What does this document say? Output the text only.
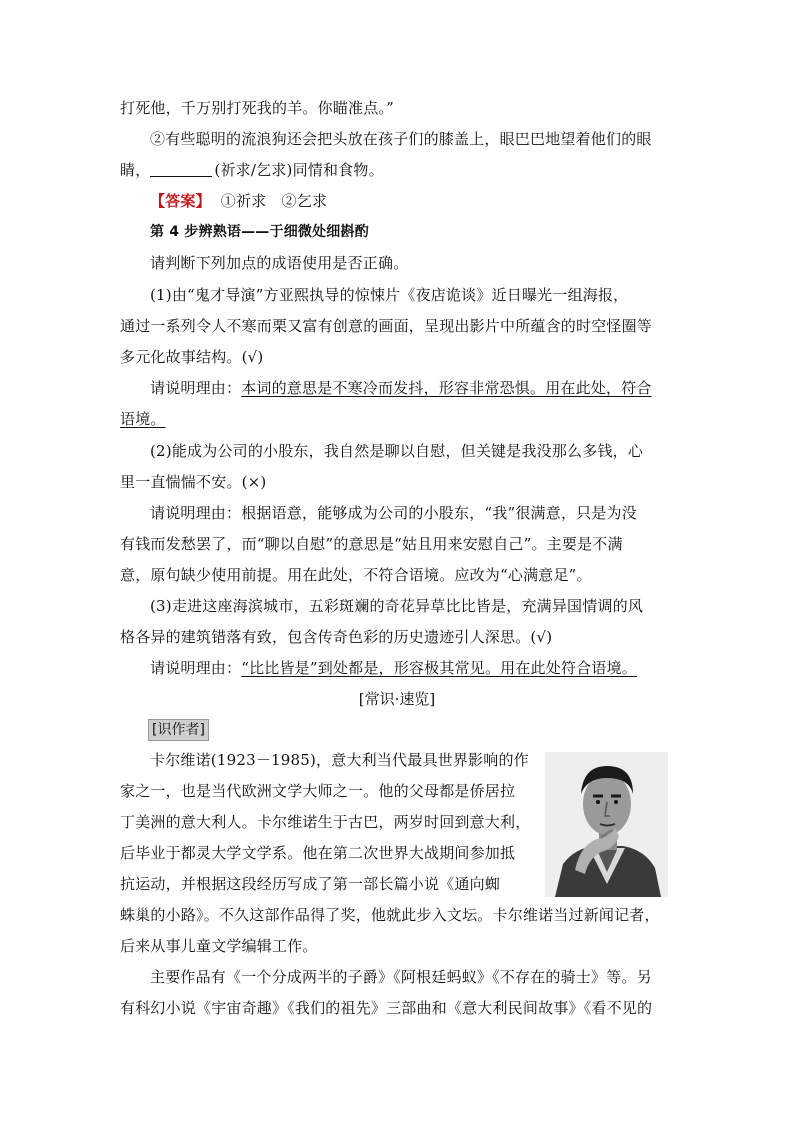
打死他，千万别打死我的羊。你瞄准点。”
②有些聪明的流浪狗还会把头放在孩子们的膝盖上，眼巴巴地望着他们的眼
睛，	(祈求/乞求)同情和食物。
【答案】 ①祈求　②乞求
第 4 步辨熟语——于细微处细斟酌
请判断下列加点的成语使用是否正确。
(1)由“鬼才导演”方亚熙执导的惊悚片《夜店诡谈》近日曝光一组海报，
通过一系列令人不寒而栗又富有创意的画面，呈现出影片中所蕴含的时空怪圈等
多元化故事结构。(√)
请说明理由：本词的意思是不寒冷而发抖，形容非常恐惧。用在此处，符合
语境。
(2)能成为公司的小股东，我自然是聊以自慰，但关键是我没那么多钱，心
里一直惴惴不安。(×)
请说明理由：根据语意，能够成为公司的小股东，“我”很满意，只是为没
有钱而发愁罢了，而“聊以自慰”的意思是“姑且用来安慰自己”。主要是不满
意，原句缺少使用前提。用在此处，不符合语境。应改为“心满意足”。
(3)走进这座海滨城市，五彩斑斓的奇花异草比比皆是，充满异国情调的风
格各异的建筑错落有致，包含传奇色彩的历史遗迹引人深思。(√)
请说明理由：“比比皆是”到处都是，形容极其常见。用在此处符合语境。
[常识·速览]
[识作者]
卡尔维诺(1923－1985)，意大利当代最具世界影响的作
家之一，也是当代欧洲文学大师之一。他的父母都是侨居拉
丁美洲的意大利人。卡尔维诺生于古巴，两岁时回到意大利，
后毕业于都灵大学文学系。他在第二次世界大战期间参加抵
抗运动，并根据这段经历写成了第一部长篇小说《通向蜘
蛛巢的小路》。不久这部作品得了奖，他就此步入文坛。卡尔维诺当过新闻记者，
后来从事儿童文学编辑工作。
主要作品有《一个分成两半的子爵》《阿根廷蚂蚁》《不存在的骑士》等。另
有科幻小说《宇宙奇趣》《我们的祖先》三部曲和《意大利民间故事》《看不见的
